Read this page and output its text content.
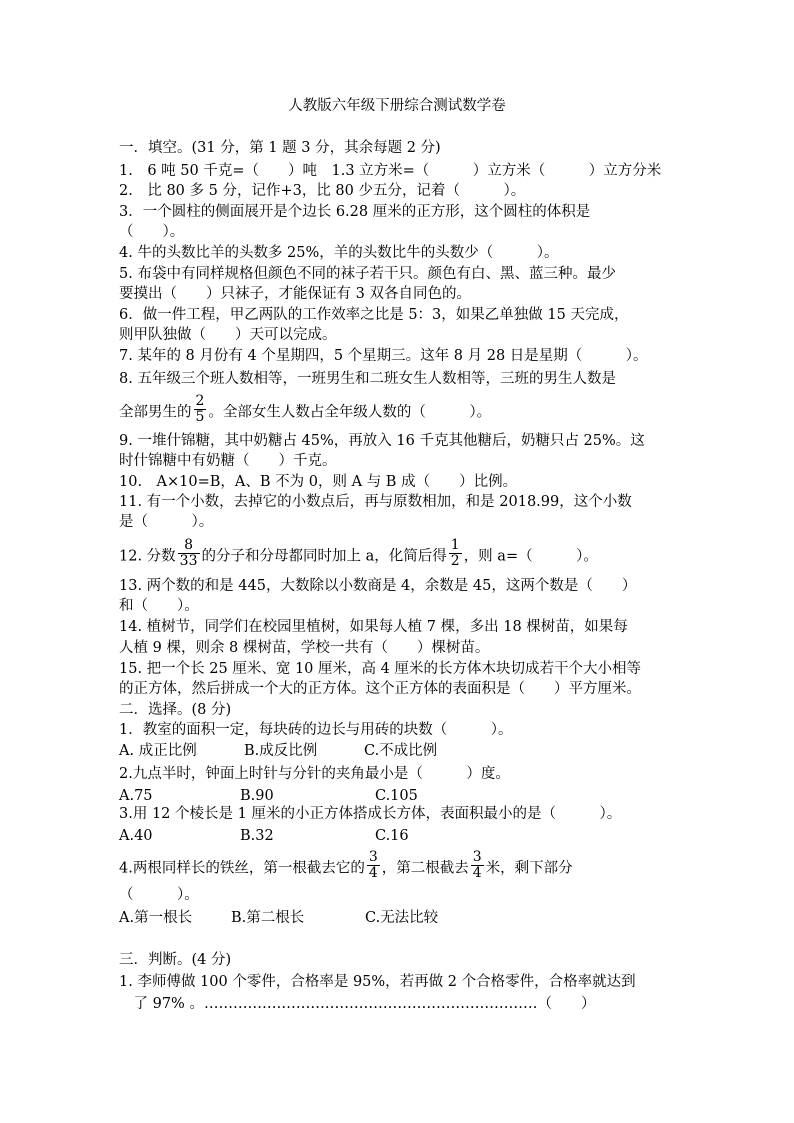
人教版六年级下册综合测试数学卷
一．填空。(31 分，第 1 题 3 分，其余每题 2 分)
1.　6 吨 50 千克=（　　）吨　1.3 立方米=（　　　）立方米（　　　）立方分米
2.　比 80 多 5 分，记作+3，比 80 少五分，记着（　　　）。
3．一个圆柱的侧面展开是个边长 6.28 厘米的正方形，这个圆柱的体积是
（　　）。
4. 牛的头数比羊的头数多 25%，羊的头数比牛的头数少（　　　）。
5. 布袋中有同样规格但颜色不同的袜子若干只。颜色有白、黑、蓝三种。最少
要摸出（　　）只袜子，才能保证有 3 双各自同色的。
6．做一件工程，甲乙两队的工作效率之比是 5：3，如果乙单独做 15 天完成，
则甲队独做（　　）天可以完成。
7. 某年的 8 月份有 4 个星期四，5 个星期三。这年 8 月 28 日是星期（　　　）。
8. 五年级三个班人数相等，一班男生和二班女生人数相等，三班的男生人数是
全部男生的 $\frac{2}{5}$ 。全部女生人数占全年级人数的（　　　）。
9. 一堆什锦糖，其中奶糖占 45%，再放入 16 千克其他糖后，奶糖只占 25%。这
时什锦糖中有奶糖（　　）千克。
10.　A×10=B，A、B 不为 0，则 A 与 B 成（　　）比例。
11. 有一个小数，去掉它的小数点后，再与原数相加，和是 2018.99，这个小数
是（　　　）。
12. 分数 $\frac{8}{33}$ 的分子和分母都同时加上 a，化简后得 $\frac{1}{2}$ ，则 a=（　　　）。
13. 两个数的和是 445，大数除以小数商是 4，余数是 45，这两个数是（　　）
和（　　）。
14. 植树节，同学们在校园里植树，如果每人植 7 棵，多出 18 棵树苗，如果每
人植 9 棵，则余 8 棵树苗，学校一共有（　　）棵树苗。
15. 把一个长 25 厘米、宽 10 厘米，高 4 厘米的长方体木块切成若干个大小相等
的正方体，然后拼成一个大的正方体。这个正方体的表面积是（　　）平方厘米。
二．选择。(8 分)
1．教室的面积一定，每块砖的边长与用砖的块数（　　　）。
A. 成正比例	B.成反比例	C.不成比例
2.九点半时，钟面上时针与分针的夹角最小是（　　　）度。
A.75	B.90	C.105
3.用 12 个棱长是 1 厘米的小正方体搭成长方体，表面积最小的是（　　　）。
A.40	B.32	C.16
4.两根同样长的铁丝，第一根截去它的 $\frac{3}{4}$ ，第二根截去 $\frac{3}{4}$ 米，剩下部分
（　　　）。
A.第一根长	B.第二根长	C.无法比较
三．判断。(4 分)
1. 李师傅做 100 个零件，合格率是 95%，若再做 2 个合格零件，合格率就达到
　了 97% 。……………………………………………………………（　　）
